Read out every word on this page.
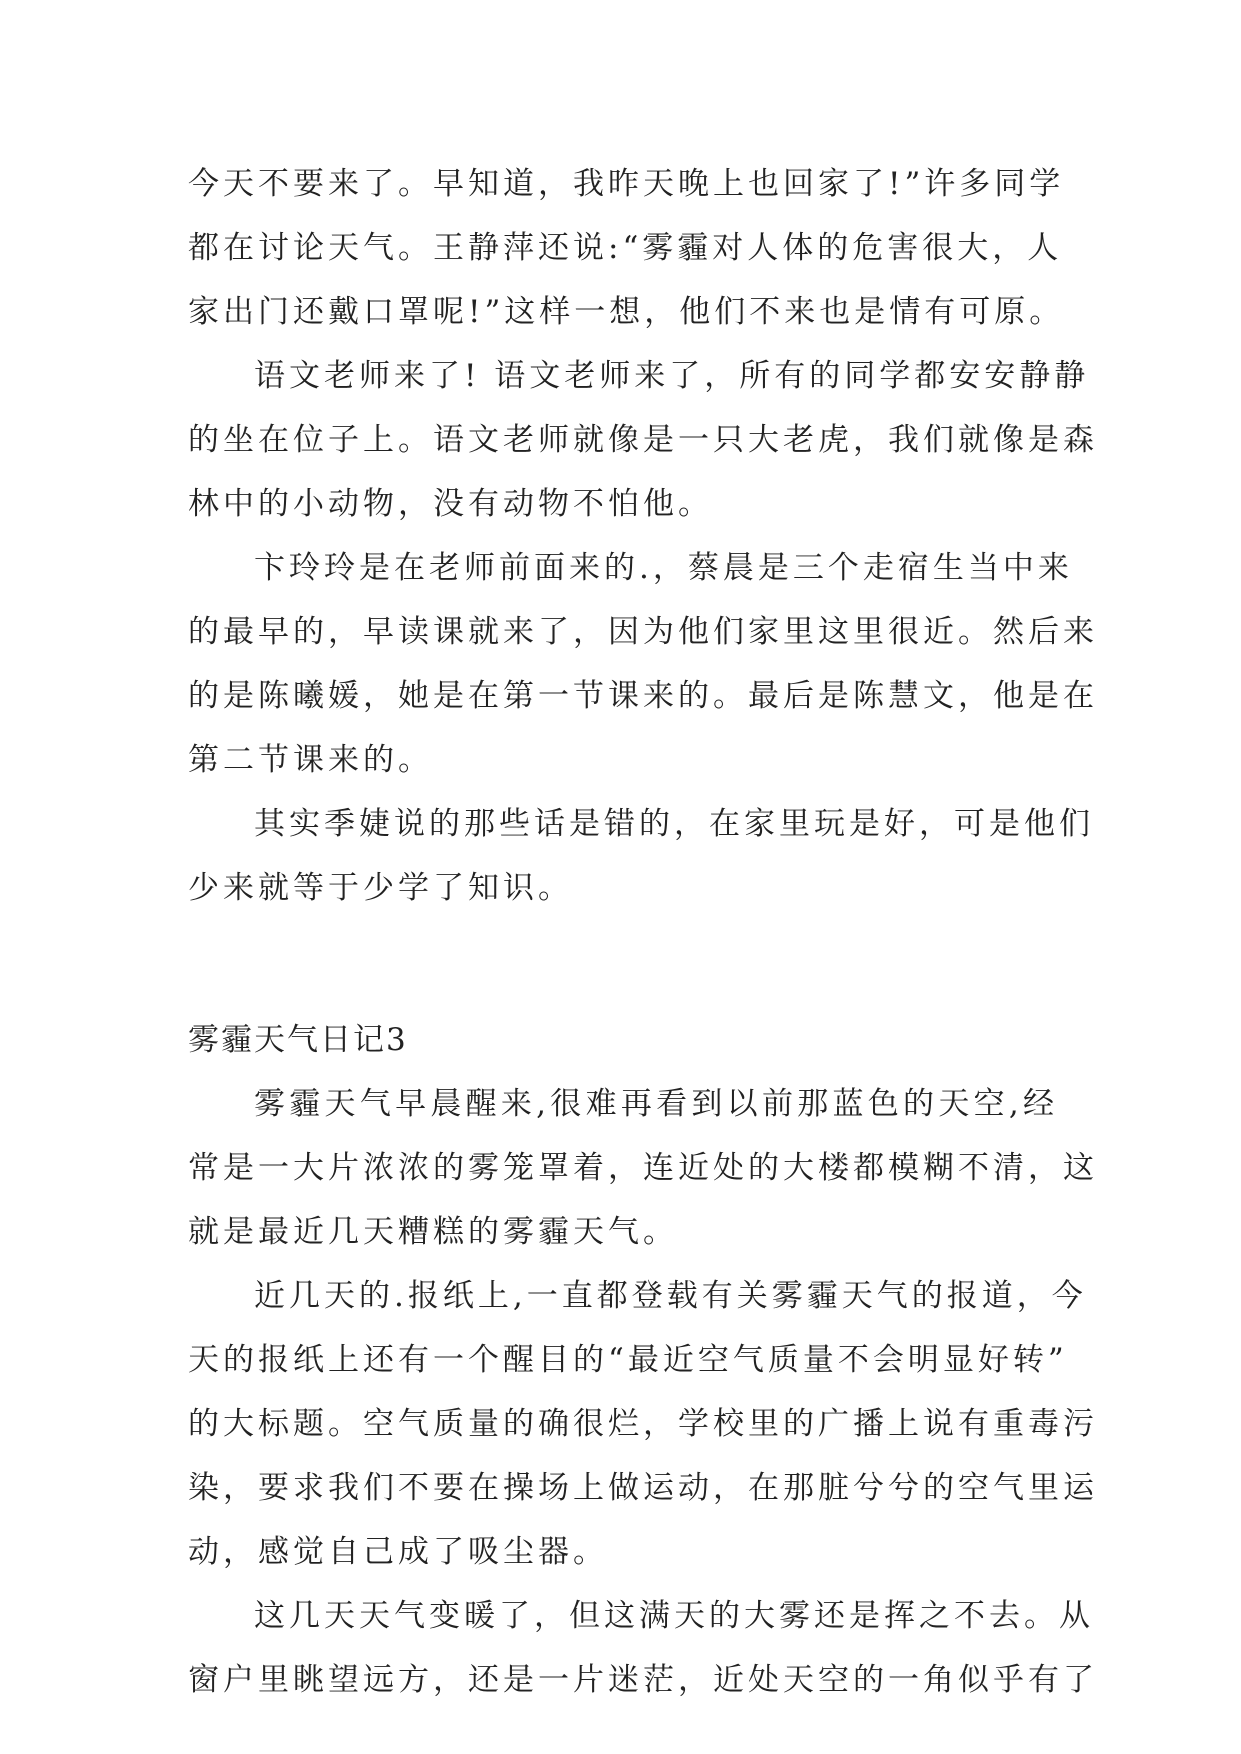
今天不要来了。早知道，我昨天晚上也回家了!”许多同学
都在讨论天气。王静萍还说:“雾霾对人体的危害很大，人
家出门还戴口罩呢!”这样一想，他们不来也是情有可原。
语文老师来了! 语文老师来了，所有的同学都安安静静
的坐在位子上。语文老师就像是一只大老虎，我们就像是森
林中的小动物，没有动物不怕他。
卞玲玲是在老师前面来的.，蔡晨是三个走宿生当中来
的最早的，早读课就来了，因为他们家里这里很近。然后来
的是陈曦媛，她是在第一节课来的。最后是陈慧文，他是在
第二节课来的。
其实季婕说的那些话是错的，在家里玩是好，可是他们
少来就等于少学了知识。
雾霾天气日记3
雾霾天气早晨醒来,很难再看到以前那蓝色的天空,经
常是一大片浓浓的雾笼罩着，连近处的大楼都模糊不清，这
就是最近几天糟糕的雾霾天气。
近几天的.报纸上,一直都登载有关雾霾天气的报道，今
天的报纸上还有一个醒目的“最近空气质量不会明显好转”
的大标题。空气质量的确很烂，学校里的广播上说有重毒污
染，要求我们不要在操场上做运动，在那脏兮兮的空气里运
动，感觉自己成了吸尘器。
这几天天气变暖了，但这满天的大雾还是挥之不去。从
窗户里眺望远方，还是一片迷茫，近处天空的一角似乎有了
